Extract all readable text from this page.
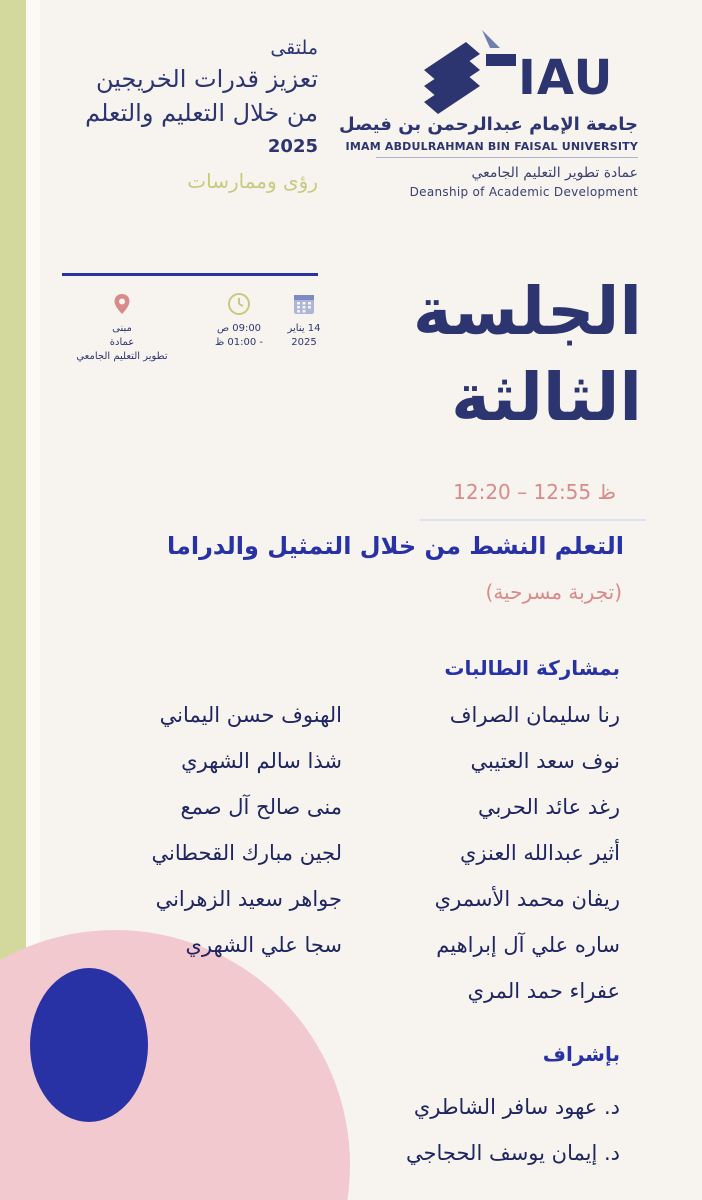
IAU
جامعة الإمام عبدالرحمن بن فيصل
IMAM ABDULRAHMAN BIN FAISAL UNIVERSITY
عمادة تطوير التعليم الجامعي
Deanship of Academic Development
ملتقى
تعزيز قدرات الخريجين
من خلال التعليم والتعلم
2025
رؤى وممارسات
14 يناير
2025
09:00 ص
- 01:00 ظ
مبنى
عمادة
تطوير التعليم الجامعي
الجلسة
الثالثة
12:20 – 12:55 ظ
التعلم النشط من خلال التمثيل والدراما
(تجربة مسرحية)
بمشاركة الطالبات
رنا سليمان الصراف
نوف سعد العتيبي
رغد عائد الحربي
أثير عبدالله العنزي
ريفان محمد الأسمري
ساره علي آل إبراهيم
عفراء حمد المري
الهنوف حسن اليماني
شذا سالم الشهري
منى صالح آل صمع
لجين مبارك القحطاني
جواهر سعيد الزهراني
سجا علي الشهري
بإشراف
د. عهود سافر الشاطري
د. إيمان يوسف الحجاجي
